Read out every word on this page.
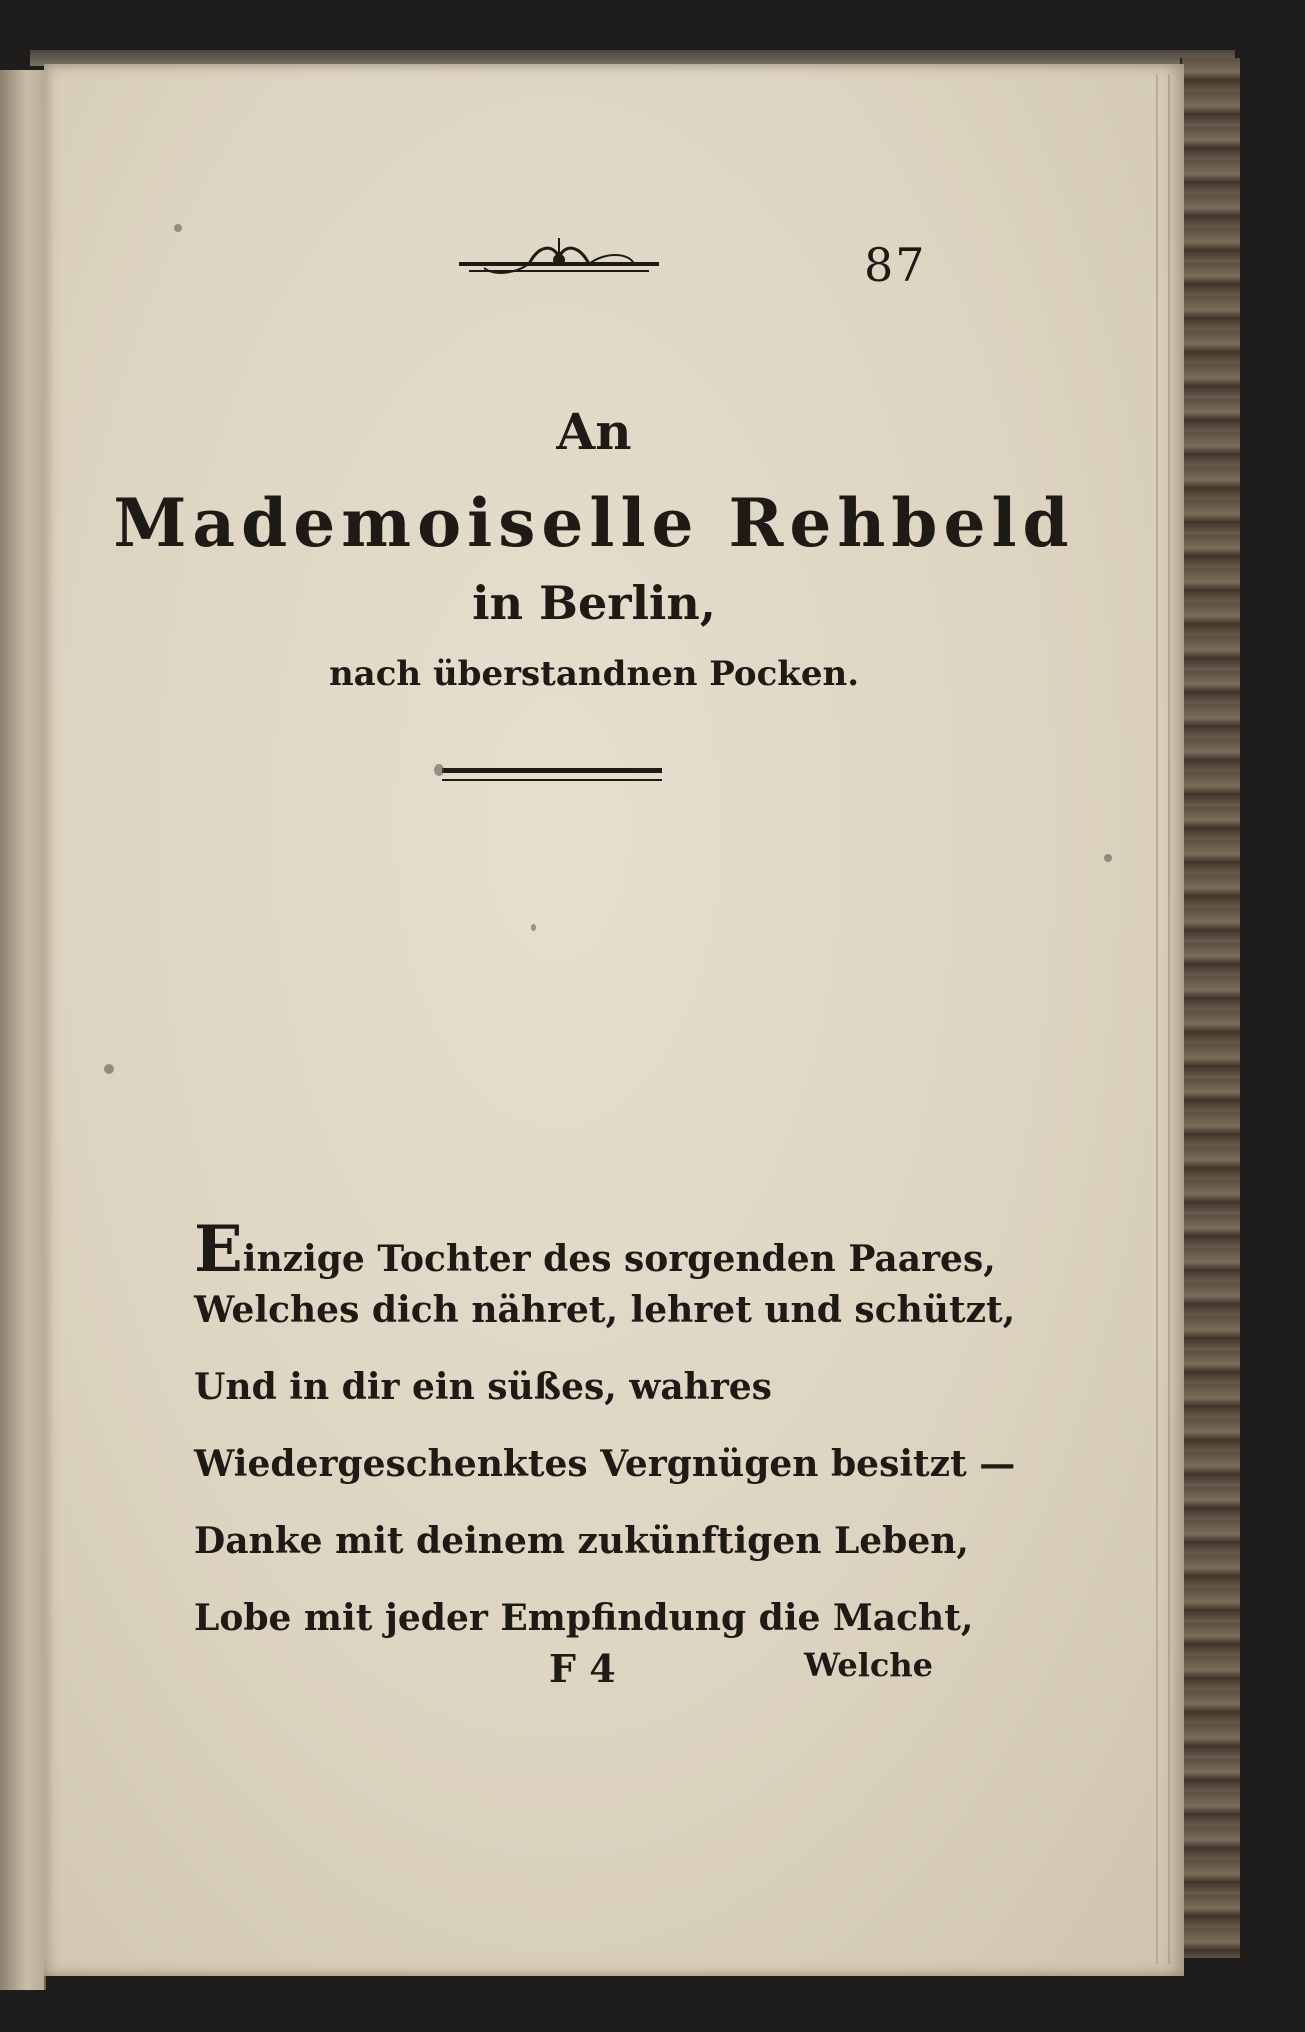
87
An
Mademoiselle Rehbeld
in Berlin,
nach überstandnen Pocken.
Einzige Tochter des sorgenden Paares,
Welches dich nähret, lehret und schützt,
Und in dir ein süßes, wahres
Wiedergeschenktes Vergnügen besitzt —
Danke mit deinem zukünftigen Leben,
Lobe mit jeder Empfindung die Macht,
F 4	Welche
